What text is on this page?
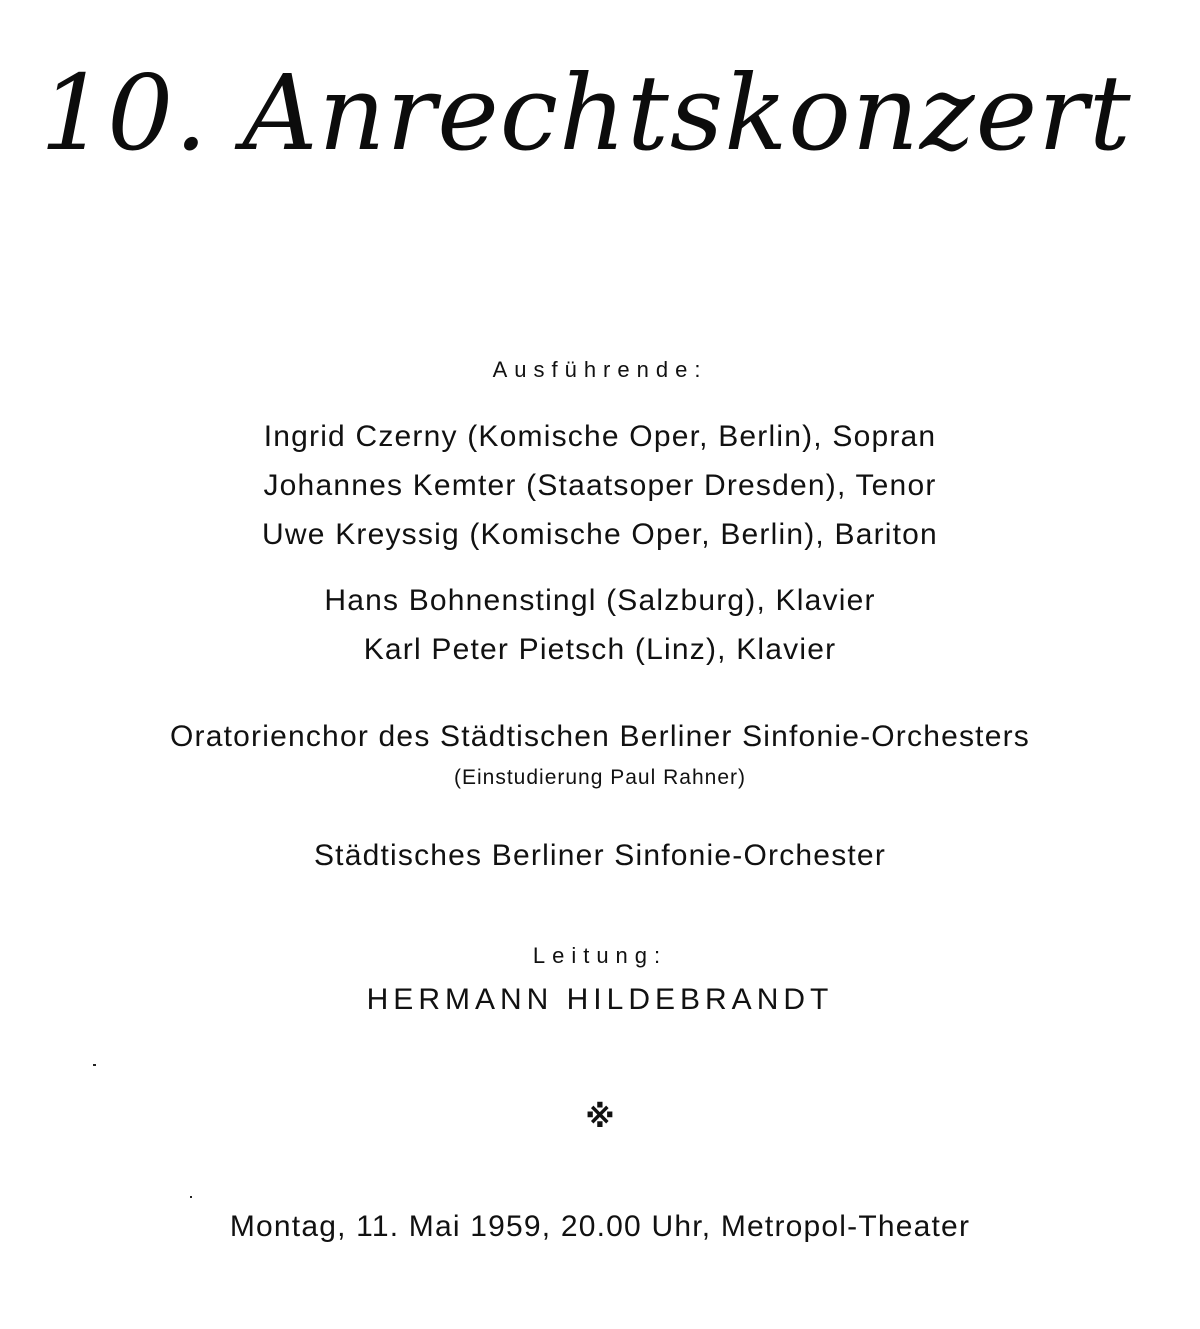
10. Anrechtskonzert
Ausführende:
Ingrid Czerny (Komische Oper, Berlin), Sopran
Johannes Kemter (Staatsoper Dresden), Tenor
Uwe Kreyssig (Komische Oper, Berlin), Bariton
Hans Bohnenstingl (Salzburg), Klavier
Karl Peter Pietsch (Linz), Klavier
Oratorienchor des Städtischen Berliner Sinfonie-Orchesters
(Einstudierung Paul Rahner)
Städtisches Berliner Sinfonie-Orchester
Leitung:
HERMANN HILDEBRANDT
※
Montag, 11. Mai 1959, 20.00 Uhr, Metropol-Theater
